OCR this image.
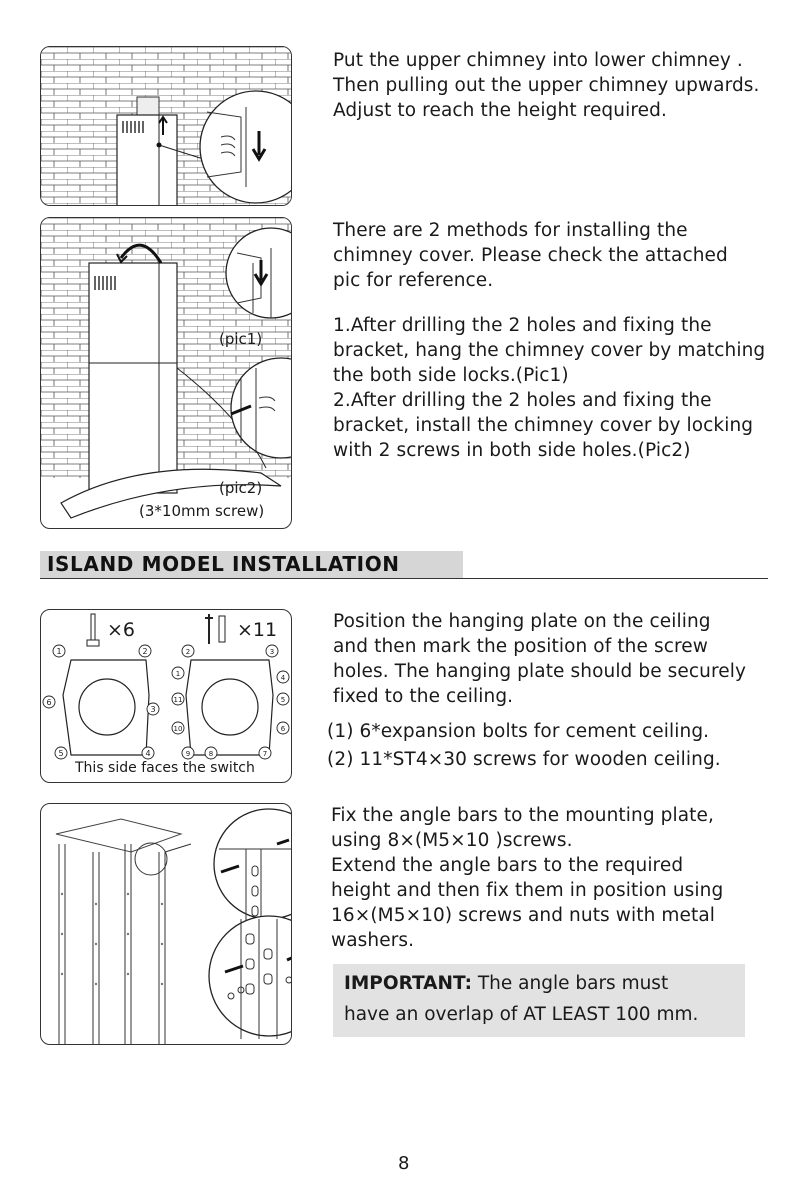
Put the upper chimney into lower chimney .

Then pulling out the upper chimney upwards.

Adjust to reach the height required.

(pic1)
(pic2)
(3*10mm screw)

There are 2 methods for installing the

chimney cover. Please check the attached

pic for reference.

1.After drilling the 2 holes and fixing the

bracket, hang the chimney cover by matching

the both side locks.(Pic1)

2.After drilling the 2 holes and fixing the

bracket, install the chimney cover by locking

with 2 screws in both side holes.(Pic2)

ISLAND MODEL INSTALLATION
1	2
3
4
5
6
1
2	3
4
5
6
7
8
9
10
11
×6	×11
This side faces the switch

Position the hanging plate on the ceiling

and then mark the position of the screw

holes. The hanging plate should be securely

fixed to the ceiling.

(1) 6*expansion bolts for cement ceiling.

(2) 11*ST4×30 screws for wooden ceiling.

Fix the angle bars to the mounting plate,

using 8×(M5×10 )screws.

Extend the angle bars to the required

height and then fix them in position using

16×(M5×10) screws and nuts with metal

washers.

IMPORTANT: The angle bars must

have an overlap of AT LEAST 100 mm.

8
